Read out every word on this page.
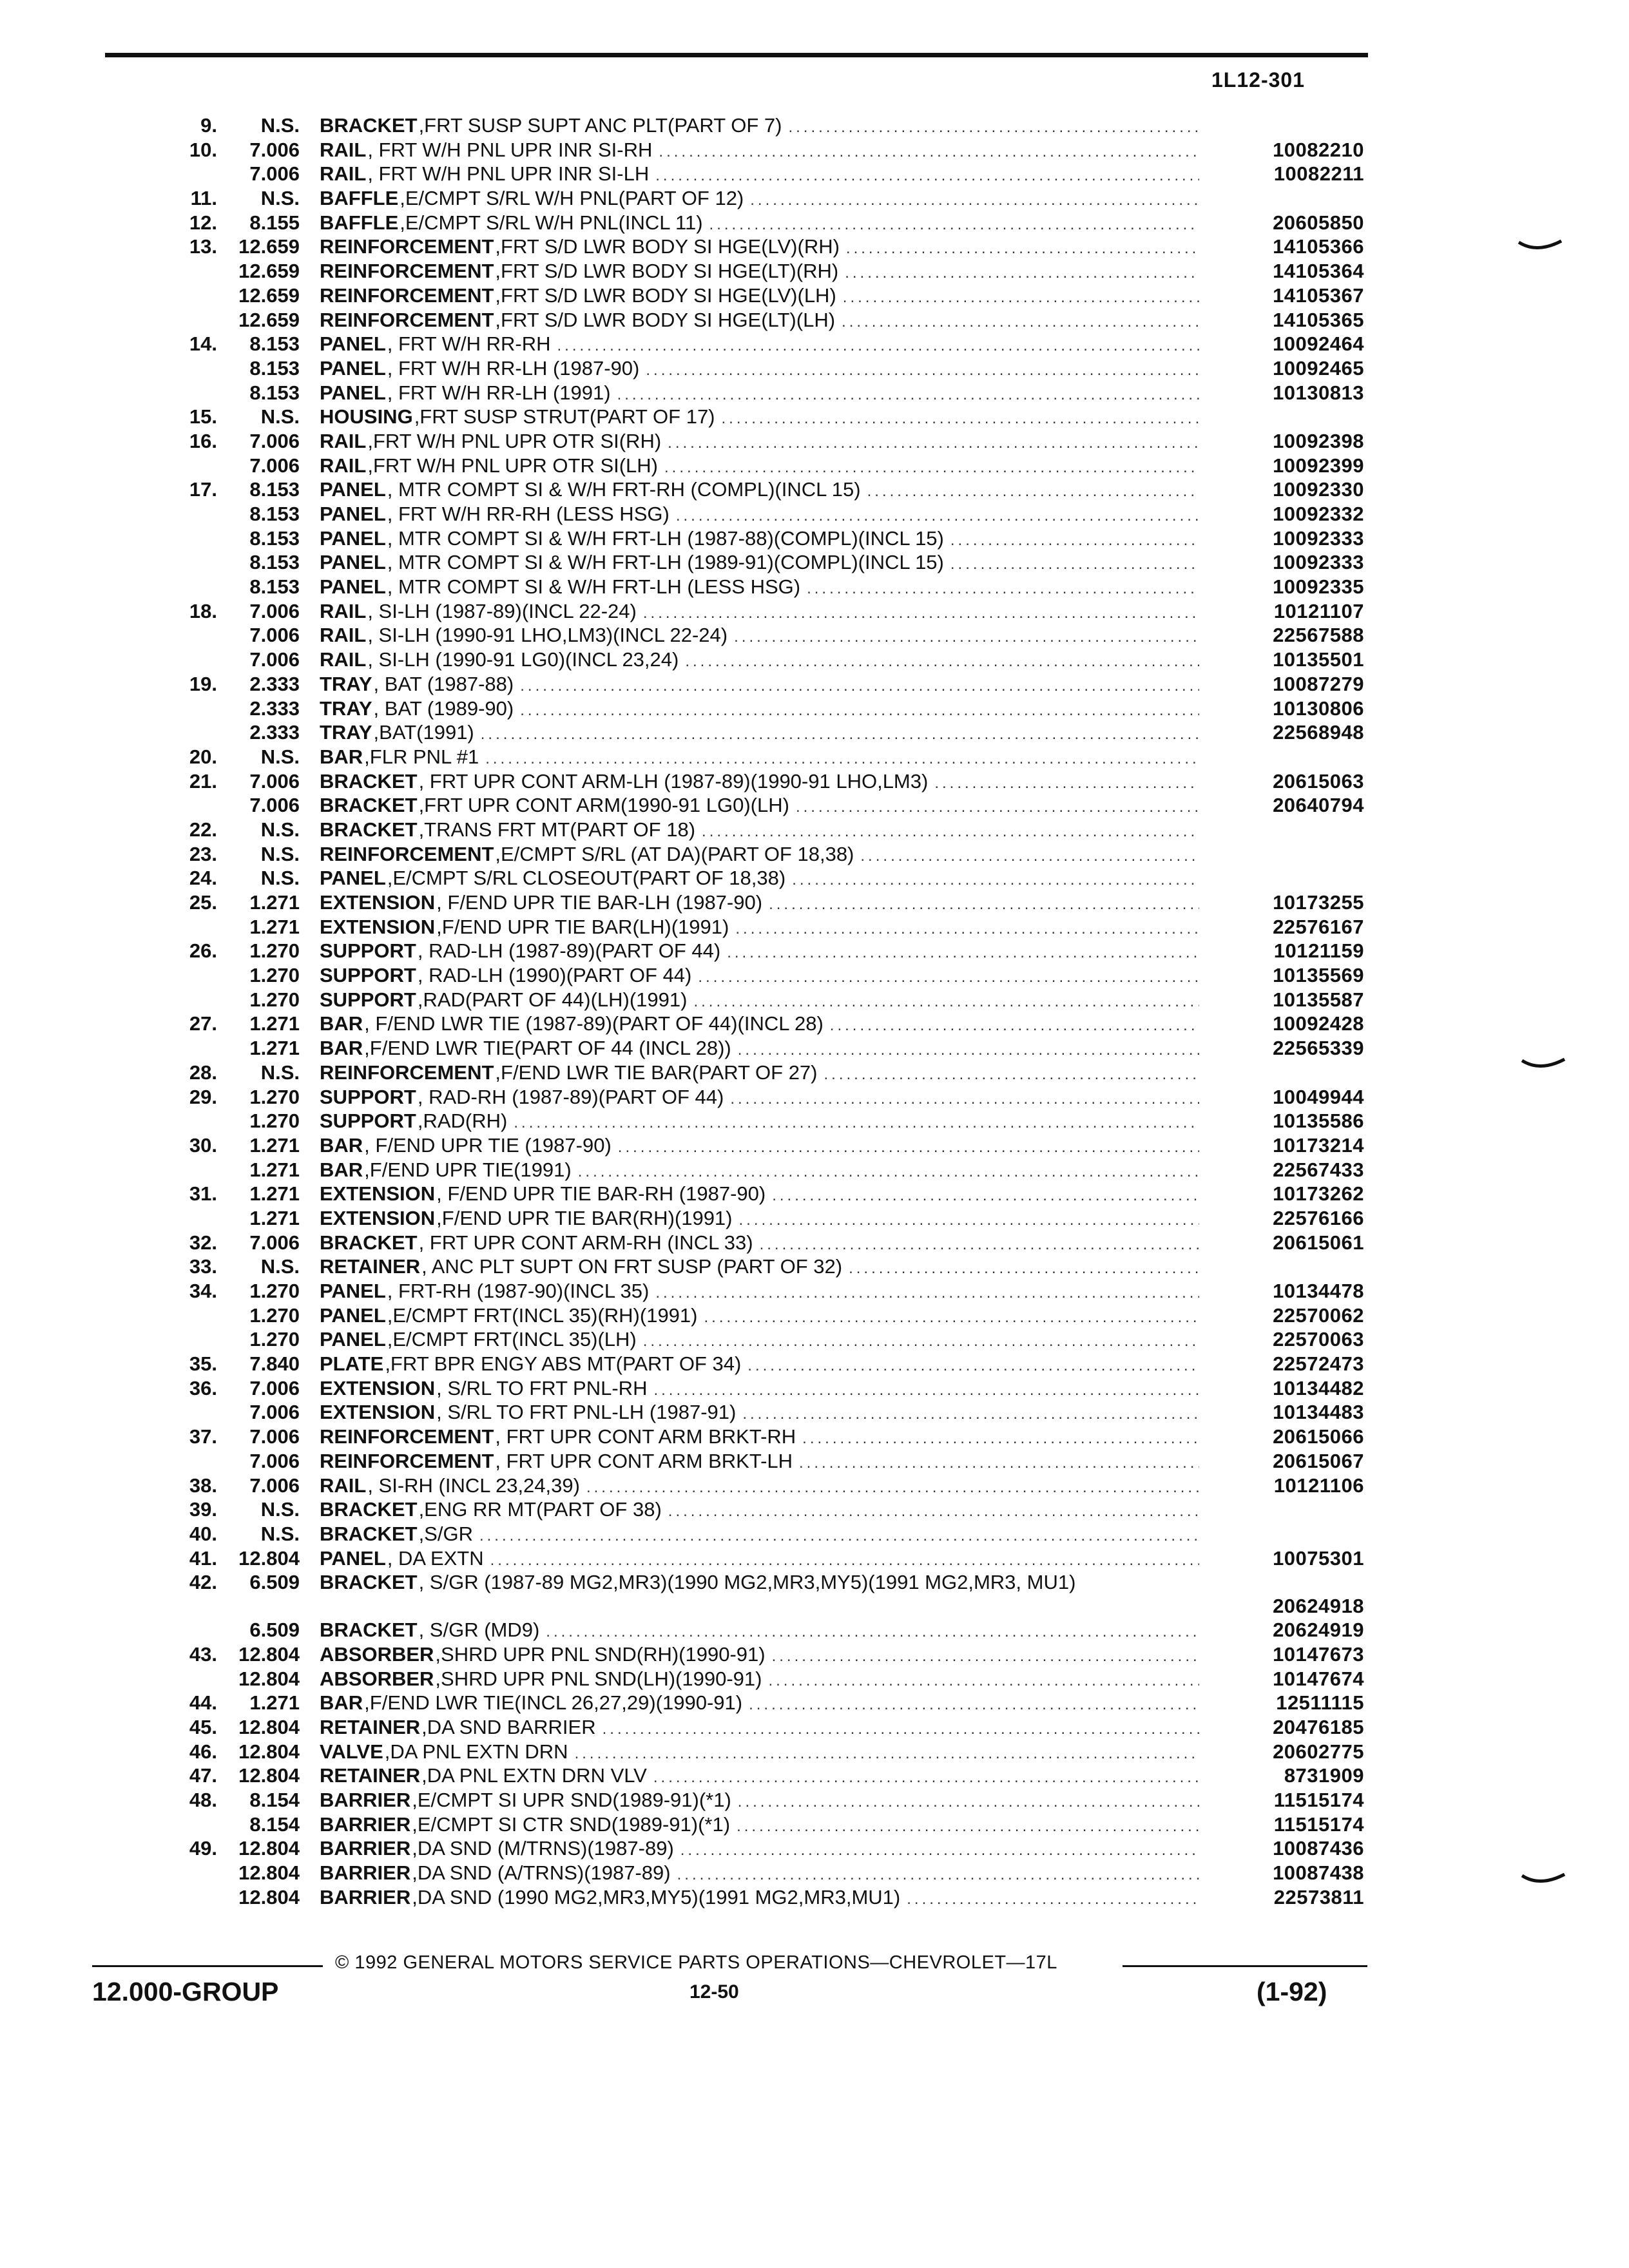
1L12-301
9.	N.S. BRACKET ,FRT SUSP SUPT ANC PLT(PART OF 7)
.....
10.	7.006 RAIL , FRT W/H PNL UPR INR SI-RH .....	10082210
7.006 RAIL , FRT W/H PNL UPR INR SI-LH .....	10082211
11.	N.S. BAFFLE ,E/CMPT S/RL W/H PNL(PART OF 12)
.....
12.	8.155 BAFFLE ,E/CMPT S/RL W/H PNL(INCL 11) .....	20605850
13.	12.659 REINFORCEMENT ,FRT S/D LWR BODY SI HGE(LV)(RH) .....	14105366
12.659 REINFORCEMENT ,FRT S/D LWR BODY SI HGE(LT)(RH) .....	14105364
12.659 REINFORCEMENT ,FRT S/D LWR BODY SI HGE(LV)(LH) .....	14105367
12.659 REINFORCEMENT ,FRT S/D LWR BODY SI HGE(LT)(LH) .....	14105365
14.	8.153 PANEL , FRT W/H RR-RH .....	10092464
8.153 PANEL , FRT W/H RR-LH (1987-90) .....	10092465
8.153 PANEL , FRT W/H RR-LH (1991) .....	10130813
15.	N.S. HOUSING ,FRT SUSP STRUT(PART OF 17)
.....
16.	7.006 RAIL ,FRT W/H PNL UPR OTR SI(RH) .....	10092398
7.006 RAIL ,FRT W/H PNL UPR OTR SI(LH) .....	10092399
17.	8.153 PANEL , MTR COMPT SI & W/H FRT-RH (COMPL)(INCL 15) .....	10092330
8.153 PANEL , FRT W/H RR-RH (LESS HSG) .....	10092332
8.153 PANEL , MTR COMPT SI & W/H FRT-LH (1987-88)(COMPL)(INCL 15) .....	10092333
8.153 PANEL , MTR COMPT SI & W/H FRT-LH (1989-91)(COMPL)(INCL 15) .....	10092333
8.153 PANEL , MTR COMPT SI & W/H FRT-LH (LESS HSG) .....	10092335
18.	7.006 RAIL , SI-LH (1987-89)(INCL 22-24) .....	10121107
7.006 RAIL , SI-LH (1990-91 LHO,LM3)(INCL 22-24) .....	22567588
7.006 RAIL , SI-LH (1990-91 LG0)(INCL 23,24) .....	10135501
19.	2.333 TRAY , BAT (1987-88) .....	10087279
2.333 TRAY , BAT (1989-90) .....	10130806
2.333 TRAY ,BAT(1991) .....	22568948
20.	N.S. BAR ,FLR PNL #1
.....
21.	7.006 BRACKET , FRT UPR CONT ARM-LH (1987-89)(1990-91 LHO,LM3) .....	20615063
7.006 BRACKET ,FRT UPR CONT ARM(1990-91 LG0)(LH) .....	20640794
22.	N.S. BRACKET ,TRANS FRT MT(PART OF 18)
.....
23.	N.S. REINFORCEMENT ,E/CMPT S/RL (AT DA)(PART OF 18,38)
.....
24.	N.S. PANEL ,E/CMPT S/RL CLOSEOUT(PART OF 18,38)
.....
25.	1.271 EXTENSION , F/END UPR TIE BAR-LH (1987-90) .....	10173255
1.271 EXTENSION ,F/END UPR TIE BAR(LH)(1991) .....	22576167
26.	1.270 SUPPORT , RAD-LH (1987-89)(PART OF 44) .....	10121159
1.270 SUPPORT , RAD-LH (1990)(PART OF 44) .....	10135569
1.270 SUPPORT ,RAD(PART OF 44)(LH)(1991) .....	10135587
27.	1.271 BAR , F/END LWR TIE (1987-89)(PART OF 44)(INCL 28) .....	10092428
1.271 BAR ,F/END LWR TIE(PART OF 44 (INCL 28)) .....	22565339
28.	N.S. REINFORCEMENT ,F/END LWR TIE BAR(PART OF 27)
.....
29.	1.270 SUPPORT , RAD-RH (1987-89)(PART OF 44) .....	10049944
1.270 SUPPORT ,RAD(RH) .....	10135586
30.	1.271 BAR , F/END UPR TIE (1987-90) .....	10173214
1.271 BAR ,F/END UPR TIE(1991) .....	22567433
31.	1.271 EXTENSION , F/END UPR TIE BAR-RH (1987-90) .....	10173262
1.271 EXTENSION ,F/END UPR TIE BAR(RH)(1991) .....	22576166
32.	7.006 BRACKET , FRT UPR CONT ARM-RH (INCL 33) .....	20615061
33.	N.S. RETAINER , ANC PLT SUPT ON FRT SUSP (PART OF 32)
.....
34.	1.270 PANEL , FRT-RH (1987-90)(INCL 35) .....	10134478
1.270 PANEL ,E/CMPT FRT(INCL 35)(RH)(1991) .....	22570062
1.270 PANEL ,E/CMPT FRT(INCL 35)(LH) .....	22570063
35.	7.840 PLATE ,FRT BPR ENGY ABS MT(PART OF 34) .....	22572473
36.	7.006 EXTENSION , S/RL TO FRT PNL-RH .....	10134482
7.006 EXTENSION , S/RL TO FRT PNL-LH (1987-91) .....	10134483
37.	7.006 REINFORCEMENT , FRT UPR CONT ARM BRKT-RH .....	20615066
7.006 REINFORCEMENT , FRT UPR CONT ARM BRKT-LH .....	20615067
38.	7.006 RAIL , SI-RH (INCL 23,24,39) .....	10121106
39.	N.S. BRACKET ,ENG RR MT(PART OF 38)
.....
40.	N.S. BRACKET ,S/GR
.....
41.	12.804 PANEL , DA EXTN .....	10075301
42.	6.509 BRACKET , S/GR (1987-89 MG2,MR3)(1990 MG2,MR3,MY5)(1991 MG2,MR3, MU1)
20624918
6.509 BRACKET , S/GR (MD9) .....	20624919
43.	12.804 ABSORBER ,SHRD UPR PNL SND(RH)(1990-91) .....	10147673
12.804 ABSORBER ,SHRD UPR PNL SND(LH)(1990-91) .....	10147674
44.	1.271 BAR ,F/END LWR TIE(INCL 26,27,29)(1990-91) .....	12511115
45.	12.804 RETAINER ,DA SND BARRIER .....	20476185
46.	12.804 VALVE ,DA PNL EXTN DRN .....	20602775
47.	12.804 RETAINER ,DA PNL EXTN DRN VLV .....	8731909
48.	8.154 BARRIER ,E/CMPT SI UPR SND(1989-91)(*1) .....	11515174
8.154 BARRIER ,E/CMPT SI CTR SND(1989-91)(*1) .....	11515174
49.	12.804 BARRIER ,DA SND (M/TRNS)(1987-89) .....	10087436
12.804 BARRIER ,DA SND (A/TRNS)(1987-89) .....	10087438
12.804 BARRIER ,DA SND (1990 MG2,MR3,MY5)(1991 MG2,MR3,MU1) .....	22573811
© 1992 GENERAL MOTORS SERVICE PARTS OPERATIONS—CHEVROLET—17L
12.000-GROUP	12-50	(1-92)
